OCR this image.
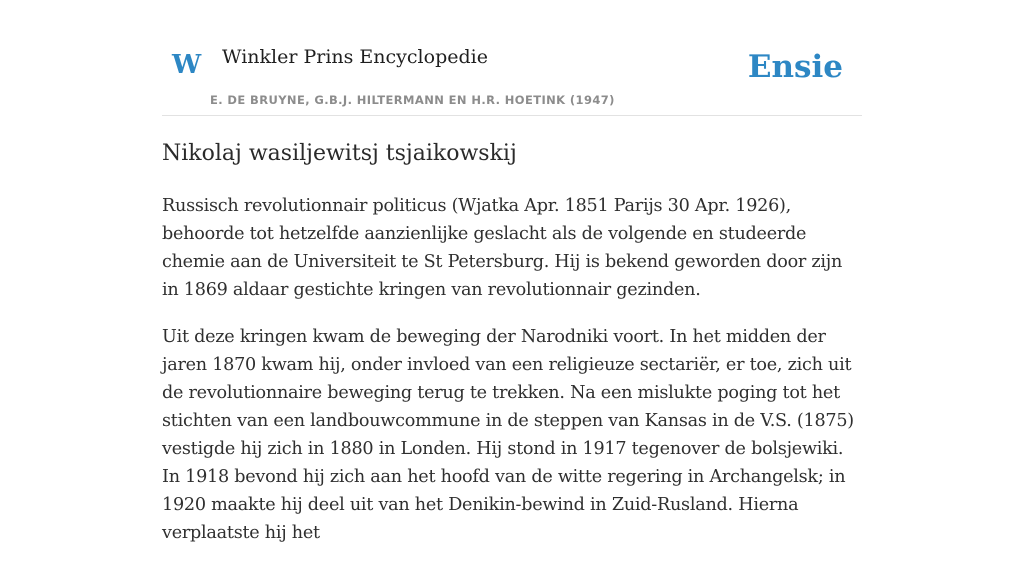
W Winkler Prins Encyclopedie
E. DE BRUYNE, G.B.J. HILTERMANN EN H.R. HOETINK (1947)
Ensie
Nikolaj wasiljewitsj tsjaikowskij

Russisch revolutionnair politicus (Wjatka Apr. 1851 Parijs 30 Apr. 1926), behoorde tot hetzelfde aanzienlijke geslacht als de volgende en studeerde chemie aan de Universiteit te St Petersburg. Hij is bekend geworden door zijn in 1869 aldaar gestichte kringen van revolutionnair gezinden.

Uit deze kringen kwam de beweging der Narodniki voort. In het midden der jaren 1870 kwam hij, onder invloed van een religieuze sectariër, er toe, zich uit de revolutionnaire beweging terug te trekken. Na een mislukte poging tot het stichten van een landbouwcommune in de steppen van Kansas in de V.S. (1875) vestigde hij zich in 1880 in Londen. Hij stond in 1917 tegenover de bolsjewiki. In 1918 bevond hij zich aan het hoofd van de witte regering in Archangelsk; in 1920 maakte hij deel uit van het Denikin-bewind in Zuid-Rusland. Hierna verplaatste hij het
